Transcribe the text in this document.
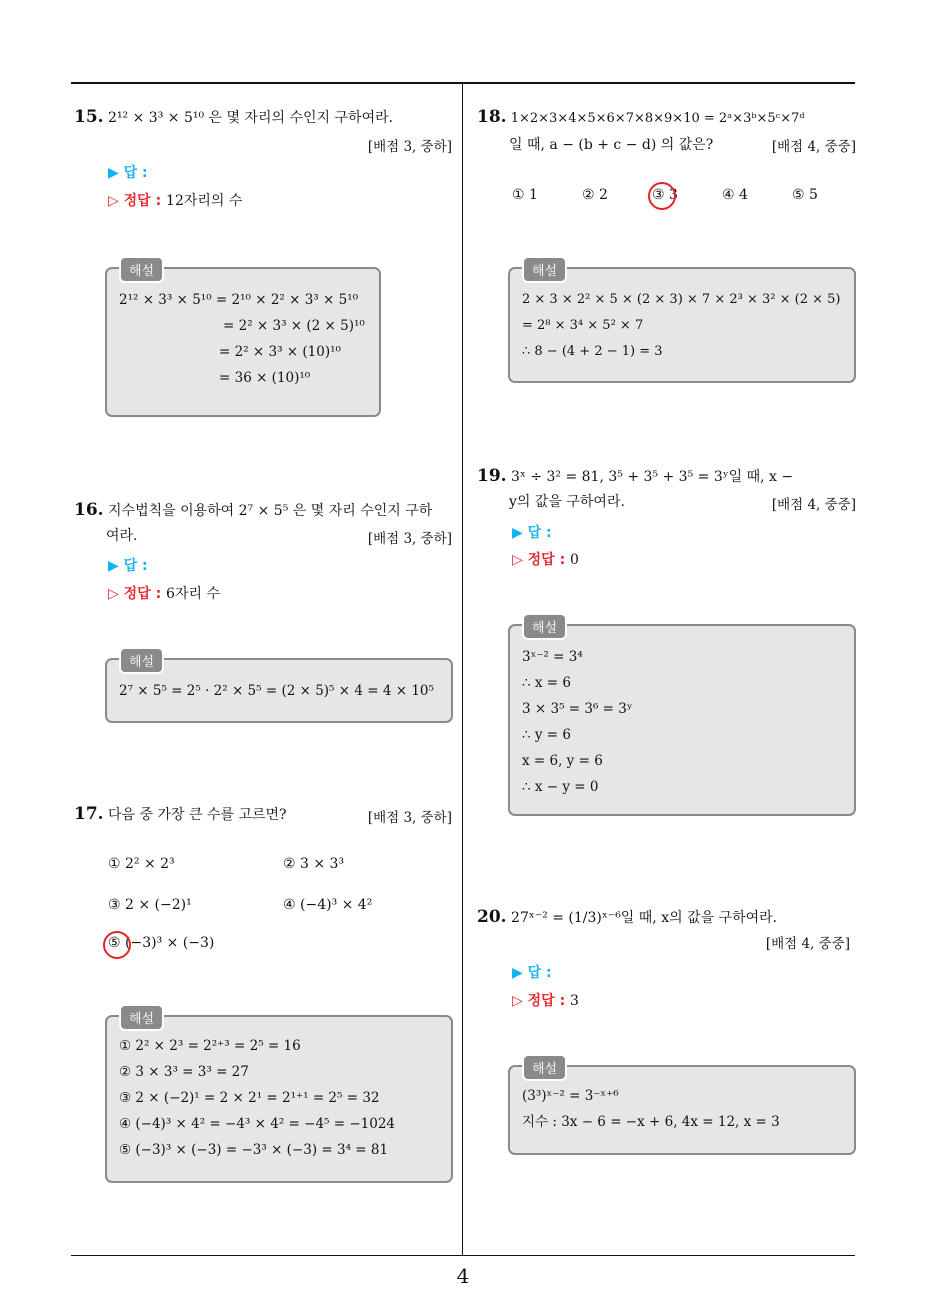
15. 2¹² × 3³ × 5¹⁰ 은 몇 자리의 수인지 구하여라.
[배점 3, 중하]
▶ 답 :
▷ 정답 : 12자리의 수
해설
2¹² × 3³ × 5¹⁰ = 2¹⁰ × 2² × 3³ × 5¹⁰
= 2² × 3³ × (2 × 5)¹⁰
= 2² × 3³ × (10)¹⁰
= 36 × (10)¹⁰
16. 지수법칙을 이용하여 2⁷ × 5⁵ 은 몇 자리 수인지 구하
여라.	[배점 3, 중하]
▶ 답 :
▷ 정답 : 6자리 수
해설
2⁷ × 5⁵ = 2⁵ · 2² × 5⁵ = (2 × 5)⁵ × 4 = 4 × 10⁵
17. 다음 중 가장 큰 수를 고르면?	[배점 3, 중하]
① 2² × 2³	② 3 × 3³
③ 2 × (−2)¹	④ (−4)³ × 4²
⑤ (−3)³ × (−3)
해설
① 2² × 2³ = 2²⁺³ = 2⁵ = 16
② 3 × 3³ = 3³ = 27
③ 2 × (−2)¹ = 2 × 2¹ = 2¹⁺¹ = 2⁵ = 32
④ (−4)³ × 4² = −4³ × 4² = −4⁵ = −1024
⑤ (−3)³ × (−3) = −3³ × (−3) = 3⁴ = 81
18. 1×2×3×4×5×6×7×8×9×10 = 2ᵃ×3ᵇ×5ᶜ×7ᵈ
일 때, a − (b + c − d) 의 값은?	[배점 4, 중중]
① 1	② 2	③ 3	④ 4	⑤ 5
해설
2 × 3 × 2² × 5 × (2 × 3) × 7 × 2³ × 3² × (2 × 5)
= 2⁸ × 3⁴ × 5² × 7
∴ 8 − (4 + 2 − 1) = 3
19. 3ˣ ÷ 3² = 81, 3⁵ + 3⁵ + 3⁵ = 3ʸ일 때, x −
y의 값을 구하여라.	[배점 4, 중중]
▶ 답 :
▷ 정답 : 0
해설
3ˣ⁻² = 3⁴
∴ x = 6
3 × 3⁵ = 3⁶ = 3ʸ
∴ y = 6
x = 6, y = 6
∴ x − y = 0
20. 27ˣ⁻² = (1/3)ˣ⁻⁶일 때, x의 값을 구하여라.
[배점 4, 중중]
▶ 답 :
▷ 정답 : 3
해설
(3³)ˣ⁻² = 3⁻ˣ⁺⁶
지수 : 3x − 6 = −x + 6, 4x = 12, x = 3
4
